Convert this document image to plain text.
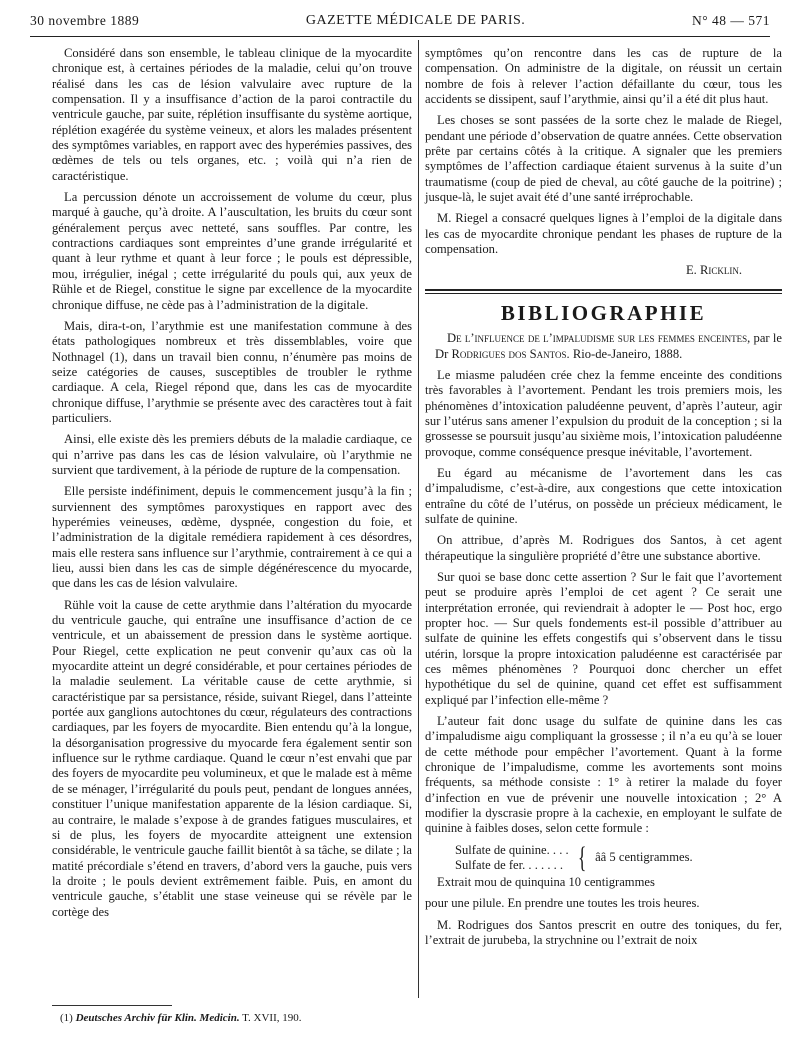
30 novembre 1889	GAZETTE MÉDICALE DE PARIS.	N° 48 — 571

Considéré dans son ensemble, le tableau clinique de la myocardite chronique est, à certaines périodes de la maladie, celui qu’on trouve réalisé dans les cas de lésion valvulaire avec rupture de la compensation. Il y a insuffisance d’action de la paroi contractile du ventricule gauche, par suite, réplétion insuffisante du système aortique, réplétion exagérée du système veineux, et alors les malades présentent des symptômes variables, en rapport avec des hyperémies passives, des œdèmes de tels ou tels organes, etc. ; voilà qui n’a rien de caractéristique.

La percussion dénote un accroissement de volume du cœur, plus marqué à gauche, qu’à droite. A l’auscultation, les bruits du cœur sont généralement perçus avec netteté, sans souffles. Par contre, les contractions cardiaques sont empreintes d’une grande irrégularité et quant à leur rythme et quant à leur force ; le pouls est dépressible, mou, irrégulier, inégal ; cette irrégularité du pouls qui, aux yeux de Rühle et de Riegel, constitue le signe par excellence de la myocardite chronique diffuse, ne cède pas à l’administration de la digitale.

Mais, dira-t-on, l’arythmie est une manifestation commune à des états pathologiques nombreux et très dissemblables, voire que Nothnagel (1), dans un travail bien connu, n’énumère pas moins de seize catégories de causes, susceptibles de troubler le rythme cardiaque. A cela, Riegel répond que, dans les cas de myocardite chronique diffuse, l’arythmie se présente avec des caractères tout à fait particuliers.

Ainsi, elle existe dès les premiers débuts de la maladie cardiaque, ce qui n’arrive pas dans les cas de lésion valvulaire, où l’arythmie ne survient que tardivement, à la période de rupture de la compensation.

Elle persiste indéfiniment, depuis le commencement jusqu’à la fin ; surviennent des symptômes paroxystiques en rapport avec des hyperémies veineuses, œdème, dyspnée, congestion du foie, et l’administration de la digitale remédiera rapidement à ces désordres, mais elle restera sans influence sur l’arythmie, contrairement à ce qui a lieu, aussi bien dans les cas de simple dégénérescence du myocarde, que dans les cas de lésion valvulaire.

Rühle voit la cause de cette arythmie dans l’altération du myocarde du ventricule gauche, qui entraîne une insuffisance d’action de ce ventricule, et un abaissement de pression dans le système aortique. Pour Riegel, cette explication ne peut convenir qu’aux cas où la myocardite atteint un degré considérable, et pour certaines périodes de la maladie seulement. La véritable cause de cette arythmie, si caractéristique par sa persistance, réside, suivant Riegel, dans l’atteinte portée aux ganglions autochtones du cœur, régulateurs des contractions cardiaques, par les foyers de myocardite. Bien entendu qu’à la longue, la désorganisation progressive du myocarde fera également sentir son influence sur le rythme cardiaque. Quand le cœur n’est envahi que par des foyers de myocardite peu volumineux, et que le malade est à même de se ménager, l’irrégularité du pouls peut, pendant de longues années, constituer l’unique manifestation apparente de la lésion cardiaque. Si, au contraire, le malade s’expose à de grandes fatigues musculaires, et si de plus, les foyers de myocardite atteignent une extension considérable, le ventricule gauche faillit bientôt à sa tâche, se dilate ; la matité précordiale s’étend en travers, d’abord vers la gauche, puis vers la droite ; le pouls devient extrêmement faible. Puis, en amont du ventricule gauche, s’établit une stase veineuse qui se révèle par le cortège des

symptômes qu’on rencontre dans les cas de rupture de la compensation. On administre de la digitale, on réussit un certain nombre de fois à relever l’action défaillante du cœur, tous les accidents se dissipent, sauf l’arythmie, ainsi qu’il a été dit plus haut.

Les choses se sont passées de la sorte chez le malade de Riegel, pendant une période d’observation de quatre années. Cette observation prête par certains côtés à la critique. A signaler que les premiers symptômes de l’affection cardiaque étaient survenus à la suite d’un traumatisme (coup de pied de cheval, au côté gauche de la poitrine) ; jusque-là, le sujet avait été d’une santé irréprochable.

M. Riegel a consacré quelques lignes à l’emploi de la digitale dans les cas de myocardite chronique pendant les phases de rupture de la compensation.

E. Ricklin.
BIBLIOGRAPHIE

De l’influence de l’impaludisme sur les femmes enceintes, par le Dr Rodrigues dos Santos. Rio-de-Janeiro, 1888.

Le miasme paludéen crée chez la femme enceinte des conditions très favorables à l’avortement. Pendant les trois premiers mois, les phénomènes d’intoxication paludéenne peuvent, d’après l’auteur, agir sur l’utérus sans amener l’expulsion du produit de la conception ; si la grossesse se poursuit jusqu’au sixième mois, l’intoxication paludéenne provoque, comme conséquence presque inévitable, l’avortement.

Eu égard au mécanisme de l’avortement dans les cas d’impaludisme, c’est-à-dire, aux congestions que cette intoxication entraîne du côté de l’utérus, on possède un précieux médicament, le sulfate de quinine.

On attribue, d’après M. Rodrigues dos Santos, à cet agent thérapeutique la singulière propriété d’être une substance abortive.

Sur quoi se base donc cette assertion ? Sur le fait que l’avortement peut se produire après l’emploi de cet agent ? Ce serait une interprétation erronée, qui reviendrait à adopter le — Post hoc, ergo propter hoc. — Sur quels fondements est-il possible d’attribuer au sulfate de quinine les effets congestifs qui s’observent dans le tissu utérin, lorsque la propre intoxication paludéenne est caractérisée par ces mêmes phénomènes ? Pourquoi donc chercher un effet hypothétique du sel de quinine, quand cet effet est suffisamment expliqué par l’infection elle-même ?

L’auteur fait donc usage du sulfate de quinine dans les cas d’impaludisme aigu compliquant la grossesse ; il n’a eu qu’à se louer de cette méthode pour empêcher l’avortement. Quant à la forme chronique de l’impaludisme, comme les avortements sont moins fréquents, sa méthode consiste : 1° à retirer la malade du foyer d’infection en vue de prévenir une nouvelle intoxication ; 2° A modifier la dyscrasie propre à la cachexie, en employant le sulfate de quinine à faibles doses, selon cette formule :

Sulfate de quinine. . . .
Sulfate de fer. . . . . . . { ââ 5 centigrammes.

Extrait mou de quinquina 10 centigrammes

pour une pilule. En prendre une toutes les trois heures.

M. Rodrigues dos Santos prescrit en outre des toniques, du fer, l’extrait de jurubeba, la strychnine ou l’extrait de noix

(1) Deutsches Archiv für Klin. Medicin. T. XVII, 190.
